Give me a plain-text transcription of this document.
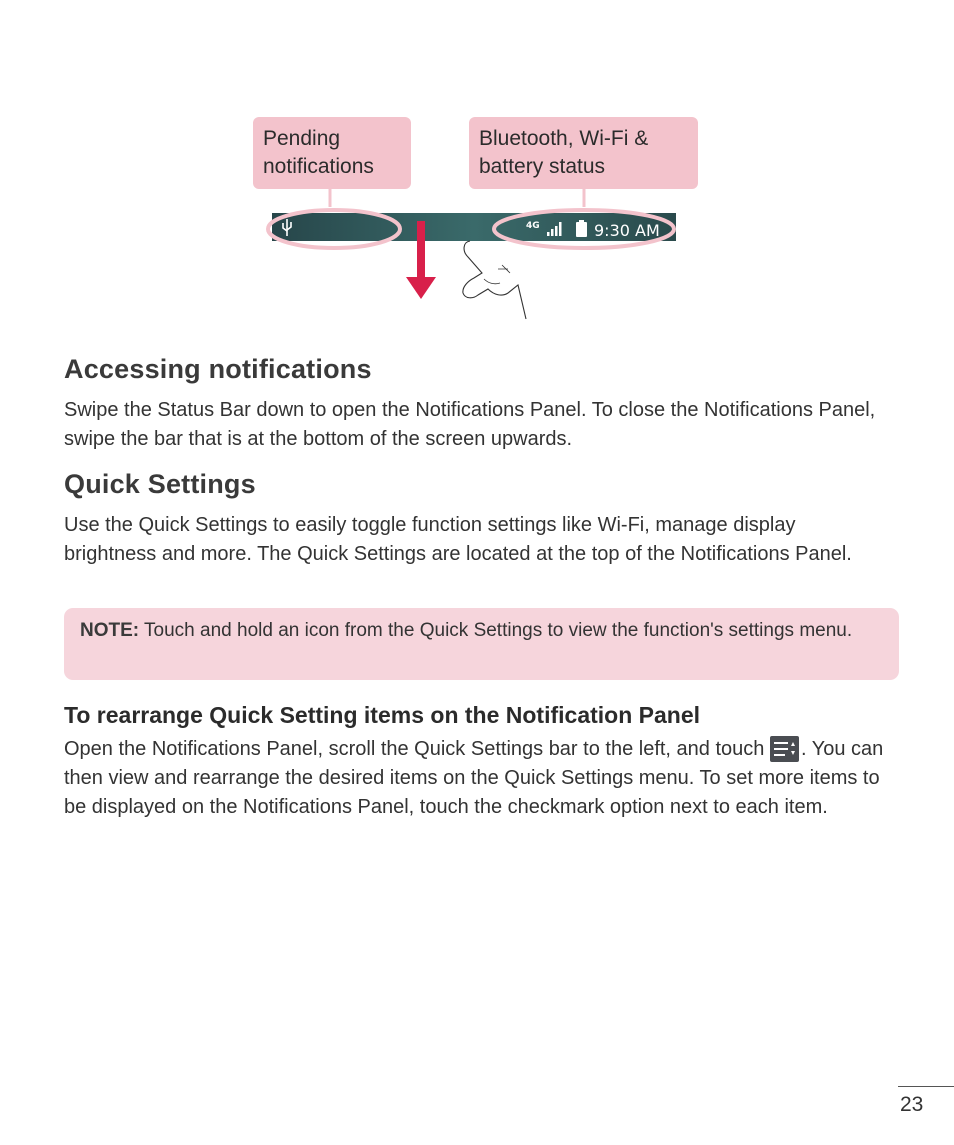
Pending
notifications
Bluetooth, Wi-Fi &
battery status
4G	9:30 AM
Accessing notifications

Swipe the Status Bar down to open the Notifications Panel. To close the Notifications Panel, swipe the bar that is at the bottom of the screen upwards.

Quick Settings

Use the Quick Settings to easily toggle function settings like Wi-Fi, manage display brightness and more. The Quick Settings are located at the top of the Notifications Panel.

NOTE: Touch and hold an icon from the Quick Settings to view the function's settings menu.
To rearrange Quick Setting items on the Notification Panel

Open the Notifications Panel, scroll the Quick Settings bar to the left, and touch . You can then view and rearrange the desired items on the Quick Settings menu. To set more items to be displayed on the Notifications Panel, touch the checkmark option next to each item.

23
